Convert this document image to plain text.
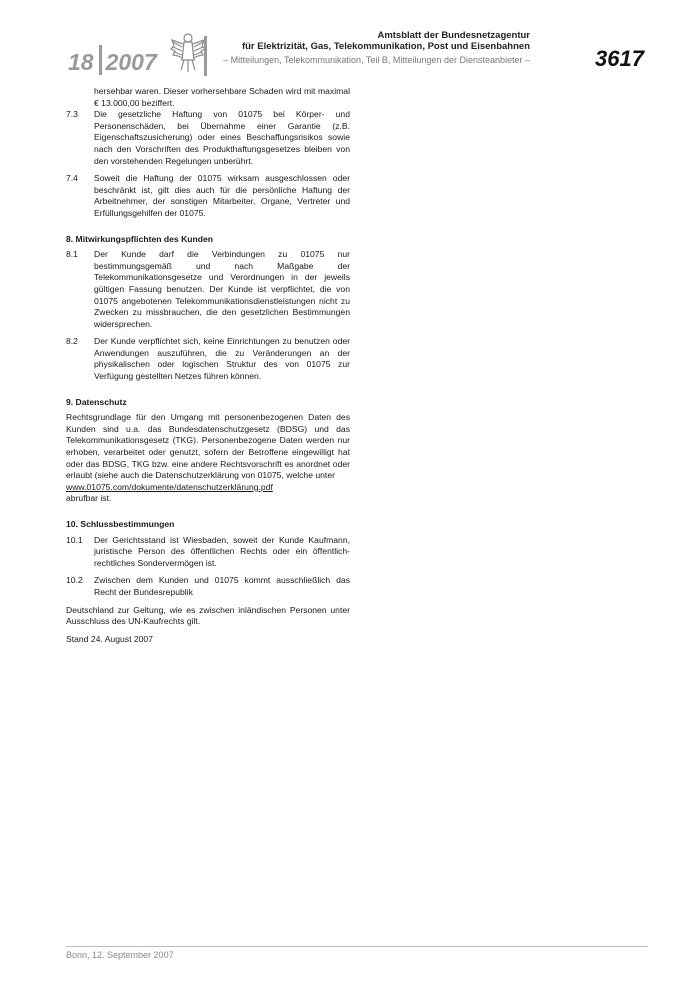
18 2007
Amtsblatt der Bundesnetzagentur
für Elektrizität, Gas, Telekommunikation, Post und Eisenbahnen
– Mitteilungen, Telekommunikation, Teil B, Mitteilungen der Diensteanbieter –	3617

hersehbar waren. Dieser vorhersehbare Schaden wird mit maximal € 13.000,00 beziffert.

7.3	Die gesetzliche Haftung von 01075 bei Körper- und Personenschäden, bei Übernahme einer Garantie (z.B. Eigenschaftszusicherung) oder eines Beschaffungsrisikos sowie nach den Vorschriften des Produkthaftungsgesetzes bleiben von den vorstehenden Regelungen unberührt.
7.4	Soweit die Haftung der 01075 wirksam ausgeschlossen oder beschränkt ist, gilt dies auch für die persönliche Haftung der Arbeitnehmer, der sonstigen Mitarbeiter, Organe, Vertreter und Erfüllungsgehilfen der 01075.
8. Mitwirkungspflichten des Kunden
8.1	Der Kunde darf die Verbindungen zu 01075 nur bestimmungsgemäß und nach Maßgabe der Telekommunikationsgesetze und Verordnungen in der jeweils gültigen Fassung benutzen. Der Kunde ist verpflichtet, die von 01075 angebotenen Telekommunikationsdienstleistungen nicht zu Zwecken zu missbrauchen, die den gesetzlichen Bestimmungen widersprechen.
8.2	Der Kunde verpflichtet sich, keine Einrichtungen zu benutzen oder Anwendungen auszuführen, die zu Veränderungen an der physikalischen oder logischen Struktur des von 01075 zur Verfügung gestellten Netzes führen können.
9. Datenschutz

Rechtsgrundlage für den Umgang mit personenbezogenen Daten des Kunden sind u.a. das Bundesdatenschutzgesetz (BDSG) und das Telekommunikationsgesetz (TKG). Personenbezogene Daten werden nur erhoben, verarbeitet oder genutzt, sofern der Betroffene eingewilligt hat oder das BDSG, TKG bzw. eine andere Rechtsvorschrift es anordnet oder erlaubt (siehe auch die Datenschutzerklärung von 01075, welche unter

www.01075.com/dokumente/datenschutzerklärung.pdf

abrufbar ist.

10. Schlussbestimmungen
10.1	Der Gerichtsstand ist Wiesbaden, soweit der Kunde Kaufmann, juristische Person des öffentlichen Rechts oder ein öffentlich-rechtliches Sondervermögen ist.
10.2	Zwischen dem Kunden und 01075 kommt ausschließlich das Recht der Bundesrepublik

Deutschland zur Geltung, wie es zwischen inländischen Personen unter Ausschluss des UN-Kaufrechts gilt.

Stand 24. August 2007

Bonn, 12. September 2007
